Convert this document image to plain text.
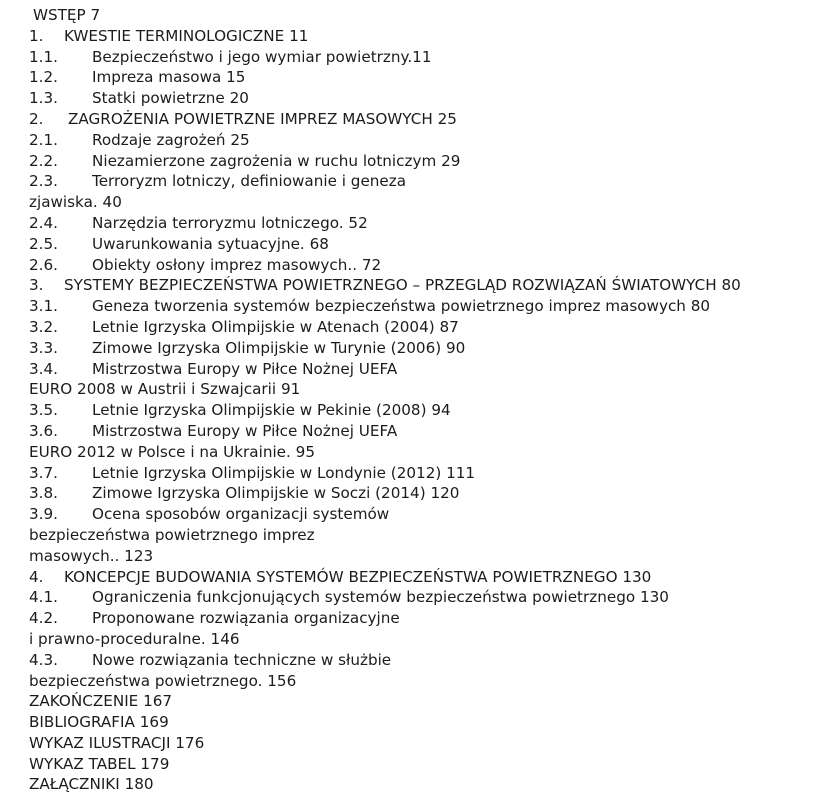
WSTĘP 7
1. KWESTIE TERMINOLOGICZNE 11
1.1. Bezpieczeństwo i jego wymiar powietrzny.11
1.2. Impreza masowa 15
1.3. Statki powietrzne 20
2. ZAGROŻENIA POWIETRZNE IMPREZ MASOWYCH 25
2.1. Rodzaje zagrożeń 25
2.2. Niezamierzone zagrożenia w ruchu lotniczym 29
2.3. Terroryzm lotniczy, definiowanie i geneza
zjawiska. 40
2.4. Narzędzia terroryzmu lotniczego. 52
2.5. Uwarunkowania sytuacyjne. 68
2.6. Obiekty osłony imprez masowych.. 72
3. SYSTEMY BEZPIECZEŃSTWA POWIETRZNEGO – PRZEGLĄD ROZWIĄZAŃ ŚWIATOWYCH 80
3.1. Geneza tworzenia systemów bezpieczeństwa powietrznego imprez masowych 80
3.2. Letnie Igrzyska Olimpijskie w Atenach (2004) 87
3.3. Zimowe Igrzyska Olimpijskie w Turynie (2006) 90
3.4. Mistrzostwa Europy w Piłce Nożnej UEFA
EURO 2008 w Austrii i Szwajcarii 91
3.5. Letnie Igrzyska Olimpijskie w Pekinie (2008) 94
3.6. Mistrzostwa Europy w Piłce Nożnej UEFA
EURO 2012 w Polsce i na Ukrainie. 95
3.7. Letnie Igrzyska Olimpijskie w Londynie (2012) 111
3.8. Zimowe Igrzyska Olimpijskie w Soczi (2014) 120
3.9. Ocena sposobów organizacji systemów
bezpieczeństwa powietrznego imprez
masowych.. 123
4. KONCEPCJE BUDOWANIA SYSTEMÓW BEZPIECZEŃSTWA POWIETRZNEGO 130
4.1. Ograniczenia funkcjonujących systemów bezpieczeństwa powietrznego 130
4.2. Proponowane rozwiązania organizacyjne
i prawno-proceduralne. 146
4.3. Nowe rozwiązania techniczne w służbie
bezpieczeństwa powietrznego. 156
ZAKOŃCZENIE 167
BIBLIOGRAFIA 169
WYKAZ ILUSTRACJI 176
WYKAZ TABEL 179
ZAŁĄCZNIKI 180
